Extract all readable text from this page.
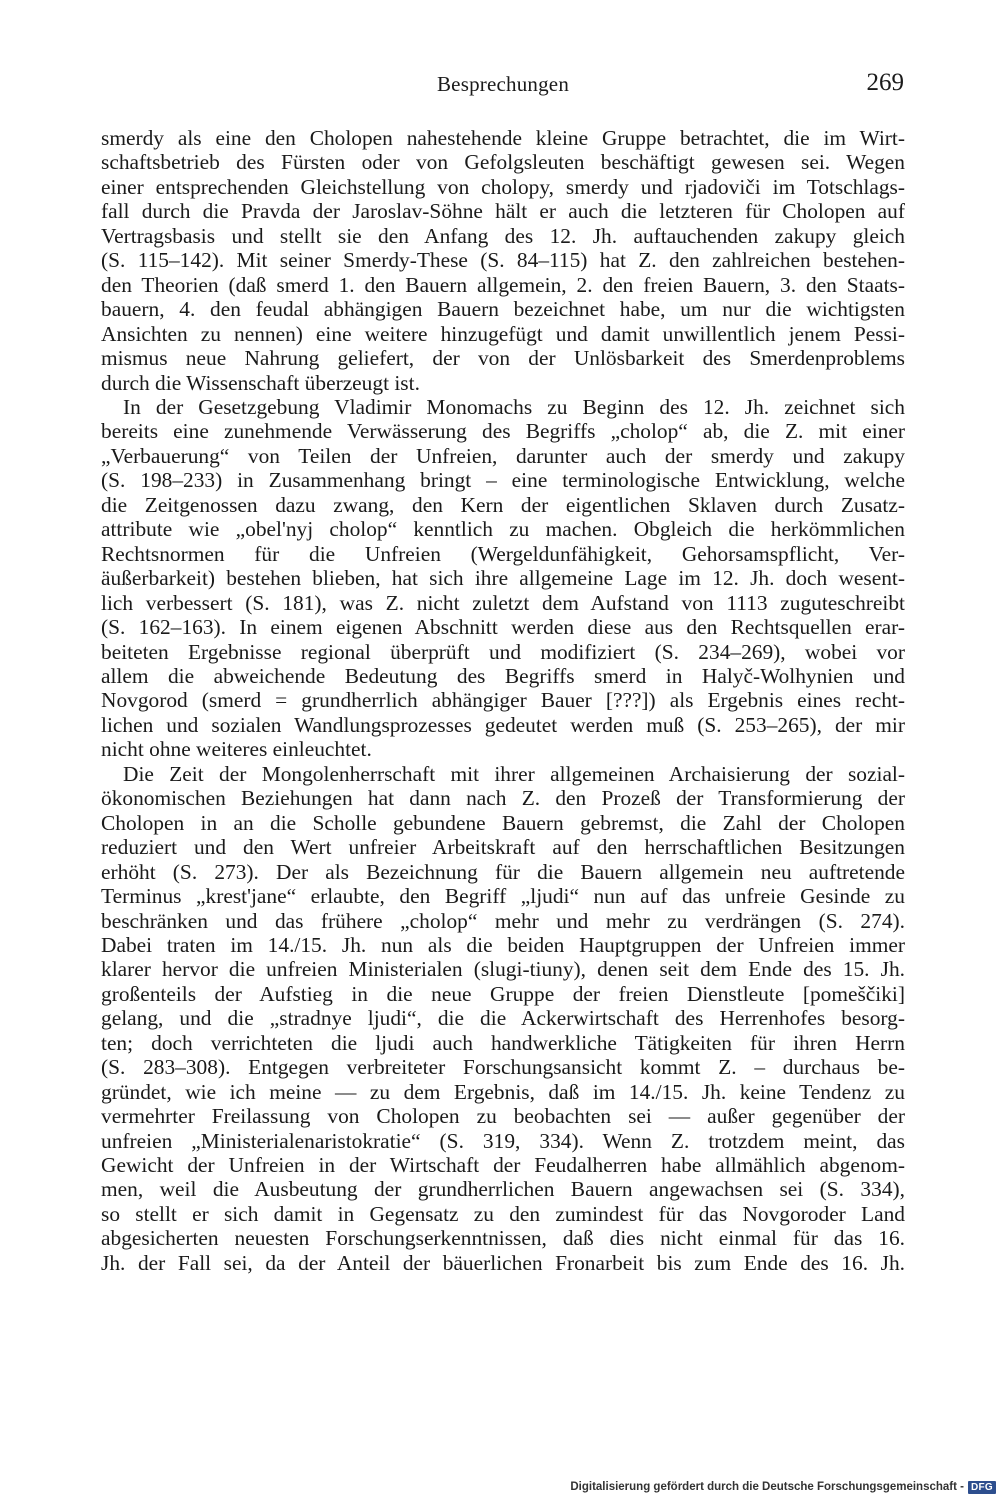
Besprechungen	269

smerdy als eine den Cholopen nahestehende kleine Gruppe betrachtet, die im Wirt-
schaftsbetrieb des Fürsten oder von Gefolgsleuten beschäftigt gewesen sei. Wegen
einer entsprechenden Gleichstellung von cholopy, smerdy und rjadoviči im Totschlags-
fall durch die Pravda der Jaroslav-Söhne hält er auch die letzteren für Cholopen auf
Vertragsbasis und stellt sie den Anfang des 12. Jh. auftauchenden zakupy gleich
(S. 115–142). Mit seiner Smerdy-These (S. 84–115) hat Z. den zahlreichen bestehen-
den Theorien (daß smerd 1. den Bauern allgemein, 2. den freien Bauern, 3. den Staats-
bauern, 4. den feudal abhängigen Bauern bezeichnet habe, um nur die wichtigsten
Ansichten zu nennen) eine weitere hinzugefügt und damit unwillentlich jenem Pessi-
mismus neue Nahrung geliefert, der von der Unlösbarkeit des Smerdenproblems
durch die Wissenschaft überzeugt ist.

In der Gesetzgebung Vladimir Monomachs zu Beginn des 12. Jh. zeichnet sich
bereits eine zunehmende Verwässerung des Begriffs „cholop“ ab, die Z. mit einer
„Verbauerung“ von Teilen der Unfreien, darunter auch der smerdy und zakupy
(S. 198–233) in Zusammenhang bringt – eine terminologische Entwicklung, welche
die Zeitgenossen dazu zwang, den Kern der eigentlichen Sklaven durch Zusatz-
attribute wie „obel'nyj cholop“ kenntlich zu machen. Obgleich die herkömmlichen
Rechtsnormen für die Unfreien (Wergeldunfähigkeit, Gehorsamspflicht, Ver-
äußerbarkeit) bestehen blieben, hat sich ihre allgemeine Lage im 12. Jh. doch wesent-
lich verbessert (S. 181), was Z. nicht zuletzt dem Aufstand von 1113 zuguteschreibt
(S. 162–163). In einem eigenen Abschnitt werden diese aus den Rechtsquellen erar-
beiteten Ergebnisse regional überprüft und modifiziert (S. 234–269), wobei vor
allem die abweichende Bedeutung des Begriffs smerd in Halyč-Wolhynien und
Novgorod (smerd = grundherrlich abhängiger Bauer [???]) als Ergebnis eines recht-
lichen und sozialen Wandlungsprozesses gedeutet werden muß (S. 253–265), der mir
nicht ohne weiteres einleuchtet.

Die Zeit der Mongolenherrschaft mit ihrer allgemeinen Archaisierung der sozial-
ökonomischen Beziehungen hat dann nach Z. den Prozeß der Transformierung der
Cholopen in an die Scholle gebundene Bauern gebremst, die Zahl der Cholopen
reduziert und den Wert unfreier Arbeitskraft auf den herrschaftlichen Besitzungen
erhöht (S. 273). Der als Bezeichnung für die Bauern allgemein neu auftretende
Terminus „krest'jane“ erlaubte, den Begriff „ljudi“ nun auf das unfreie Gesinde zu
beschränken und das frühere „cholop“ mehr und mehr zu verdrängen (S. 274).
Dabei traten im 14./15. Jh. nun als die beiden Hauptgruppen der Unfreien immer
klarer hervor die unfreien Ministerialen (slugi-tiuny), denen seit dem Ende des 15. Jh.
großenteils der Aufstieg in die neue Gruppe der freien Dienstleute [pomeščiki]
gelang, und die „stradnye ljudi“, die die Ackerwirtschaft des Herrenhofes besorg-
ten; doch verrichteten die ljudi auch handwerkliche Tätigkeiten für ihren Herrn
(S. 283–308). Entgegen verbreiteter Forschungsansicht kommt Z. – durchaus be-
gründet, wie ich meine — zu dem Ergebnis, daß im 14./15. Jh. keine Tendenz zu
vermehrter Freilassung von Cholopen zu beobachten sei — außer gegenüber der
unfreien „Ministerialenaristokratie“ (S. 319, 334). Wenn Z. trotzdem meint, das
Gewicht der Unfreien in der Wirtschaft der Feudalherren habe allmählich abgenom-
men, weil die Ausbeutung der grundherrlichen Bauern angewachsen sei (S. 334),
so stellt er sich damit in Gegensatz zu den zumindest für das Novgoroder Land
abgesicherten neuesten Forschungserkenntnissen, daß dies nicht einmal für das 16.
Jh. der Fall sei, da der Anteil der bäuerlichen Fronarbeit bis zum Ende des 16. Jh.

Digitalisierung gefördert durch die Deutsche Forschungsgemeinschaft - DFG
